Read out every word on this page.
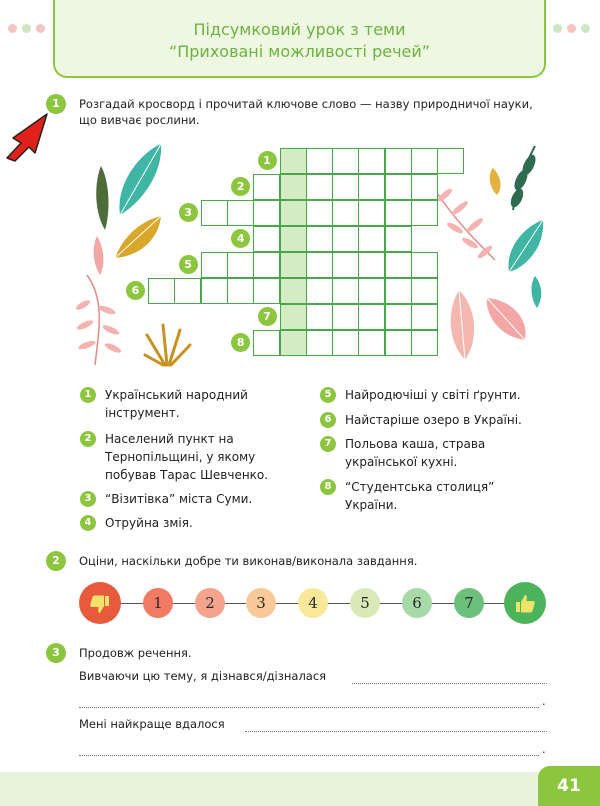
Підсумковий урок з теми
“Приховані можливості речей”
1	Розгадай кросворд і прочитай ключове слово — назву природничої науки,
що вивчає рослини.
1
2
3
4
5
6
7
8
1	Український народний
інструмент.
2	Населений пункт на
Тернопільщині, у якому
побував Тарас Шевченко.
3	“Візитівка” міста Суми.
4	Отруйна змія.
5	Найродючіші у світі ґрунти.
6	Найстаріше озеро в Україні.
7	Польова каша, страва
української кухні.
8	“Студентська столиця”
України.
2	Оціни, наскільки добре ти виконав/виконала завдання.
1	2	3	4	5	6	7
3	Продовж речення.
Вивчаючи цю тему, я дізнався/дізналася
.
Мені найкраще вдалося
.
41
